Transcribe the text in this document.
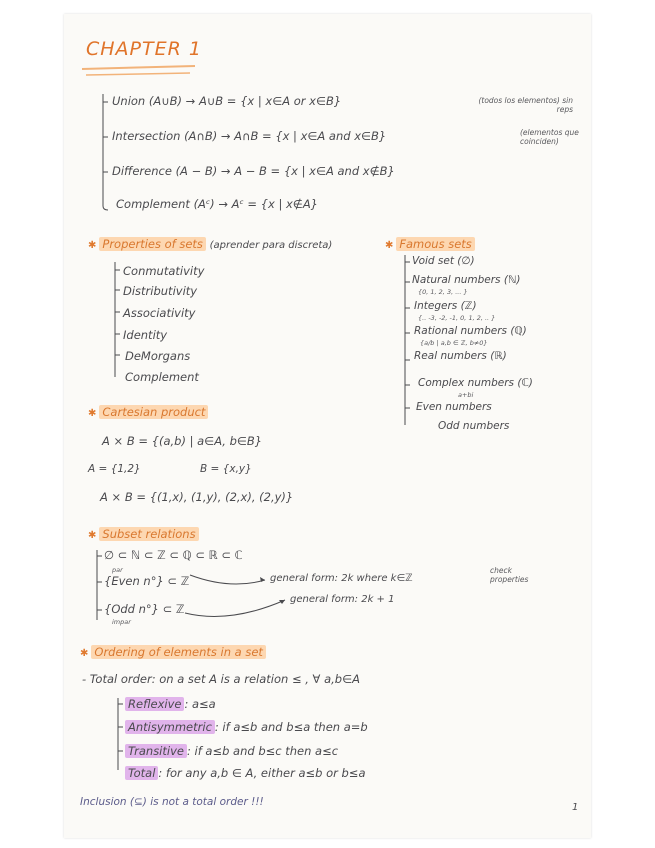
CHAPTER 1
Union (A∪B) → A∪B = {x | x∈A or x∈B}	(todos los elementos) sin reps
Intersection (A∩B) → A∩B = {x | x∈A and x∈B}	(elementos que coinciden)
Difference (A − B) → A − B = {x | x∈A and x∉B}
Complement (Aᶜ) → Aᶜ = {x | x∉A}
✱ Properties of sets (aprender para discreta)
Conmutativity
Distributivity
Associativity
Identity
DeMorgans
Complement
✱ Famous sets
Void set (∅)
Natural numbers (ℕ)
{0, 1, 2, 3, ... }
Integers (ℤ)
{.. -3, -2, -1, 0, 1, 2, .. }
Rational numbers (ℚ)
{a/b | a,b ∈ ℤ, b≠0}
Real numbers (ℝ)
Complex numbers (ℂ)
a+bi
Even numbers
Odd numbers
✱ Cartesian product
A × B = {(a,b) | a∈A, b∈B}
A = {1,2}	B = {x,y}
A × B = {(1,x), (1,y), (2,x), (2,y)}
✱ Subset relations
∅ ⊂ ℕ ⊂ ℤ ⊂ ℚ ⊂ ℝ ⊂ ℂ
par
{Even n°} ⊂ ℤ	general form: 2k where k∈ℤ
check properties
{Odd n°} ⊂ ℤ
impar
general form: 2k + 1
✱ Ordering of elements in a set
- Total order: on a set A is a relation ≤ , ∀ a,b∈A
Reflexive : a≤a
Antisymmetric : if a≤b and b≤a then a=b
Transitive : if a≤b and b≤c then a≤c
Total : for any a,b ∈ A, either a≤b or b≤a
Inclusion (⊆) is not a total order !!!	1
